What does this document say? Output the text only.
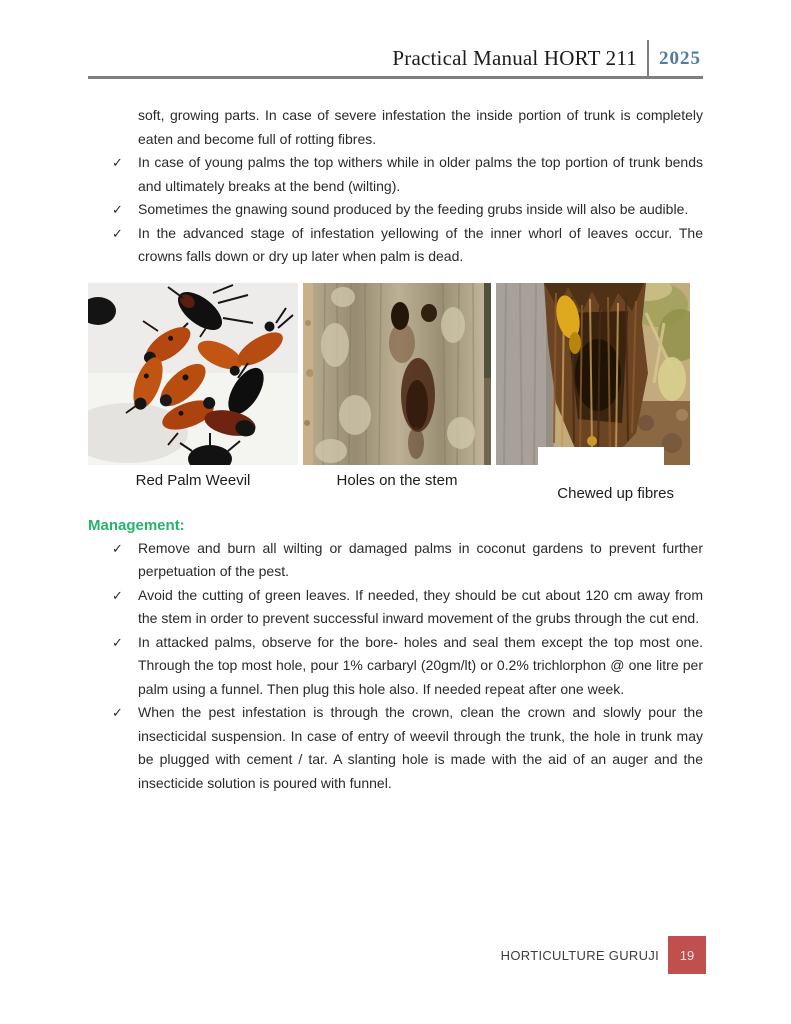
Practical Manual HORT 211	2025

soft, growing parts. In case of severe infestation the inside portion of trunk is completely eaten and become full of rotting fibres.

✓	In case of young palms the top withers while in older palms the top portion of trunk bends and ultimately breaks at the bend (wilting).
✓	Sometimes the gnawing sound produced by the feeding grubs inside will also be audible.
✓	In the advanced stage of infestation yellowing of the inner whorl of leaves occur. The crowns falls down or dry up later when palm is dead.
Red Palm Weevil	Holes on the stem
Chewed up fibres
Management:
✓	Remove and burn all wilting or damaged palms in coconut gardens to prevent further perpetuation of the pest.
✓	Avoid the cutting of green leaves. If needed, they should be cut about 120 cm away from the stem in order to prevent successful inward movement of the grubs through the cut end.
✓	In attacked palms, observe for the bore- holes and seal them except the top most one. Through the top most hole, pour 1% carbaryl (20gm/lt) or 0.2% trichlorphon @ one litre per palm using a funnel. Then plug this hole also. If needed repeat after one week.
✓	When the pest infestation is through the crown, clean the crown and slowly pour the insecticidal suspension. In case of entry of weevil through the trunk, the hole in trunk may be plugged with cement / tar. A slanting hole is made with the aid of an auger and the insecticide solution is poured with funnel.
HORTICULTURE GURUJI	19
